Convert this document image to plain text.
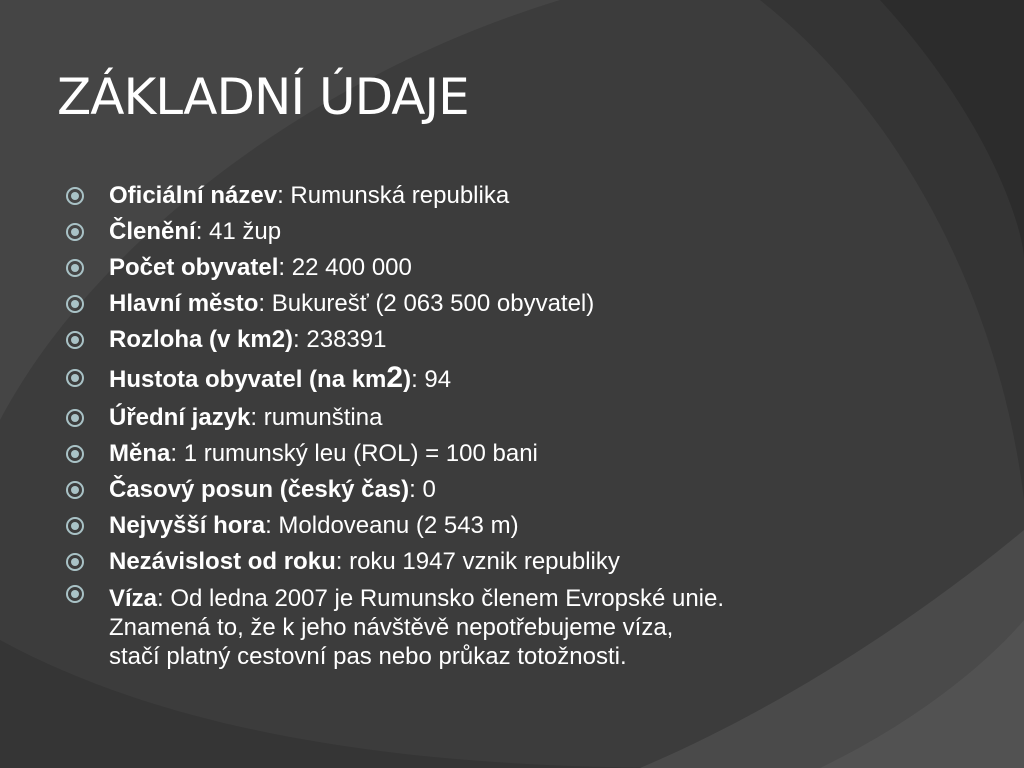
ZÁKLADNÍ ÚDAJE
Oficiální název: Rumunská republika
Členění: 41 žup
Počet obyvatel: 22 400 000
Hlavní město: Bukurešť (2 063 500 obyvatel)
Rozloha (v km2): 238391
Hustota obyvatel (na km2): 94
Úřední jazyk: rumunština
Měna: 1 rumunský leu (ROL) = 100 bani
Časový posun (český čas): 0
Nejvyšší hora: Moldoveanu (2 543 m)
Nezávislost od roku: roku 1947 vznik republiky
Víza: Od ledna 2007 je Rumunsko členem Evropské unie.
Znamená to, že k jeho návštěvě nepotřebujeme víza,
stačí platný cestovní pas nebo průkaz totožnosti.
